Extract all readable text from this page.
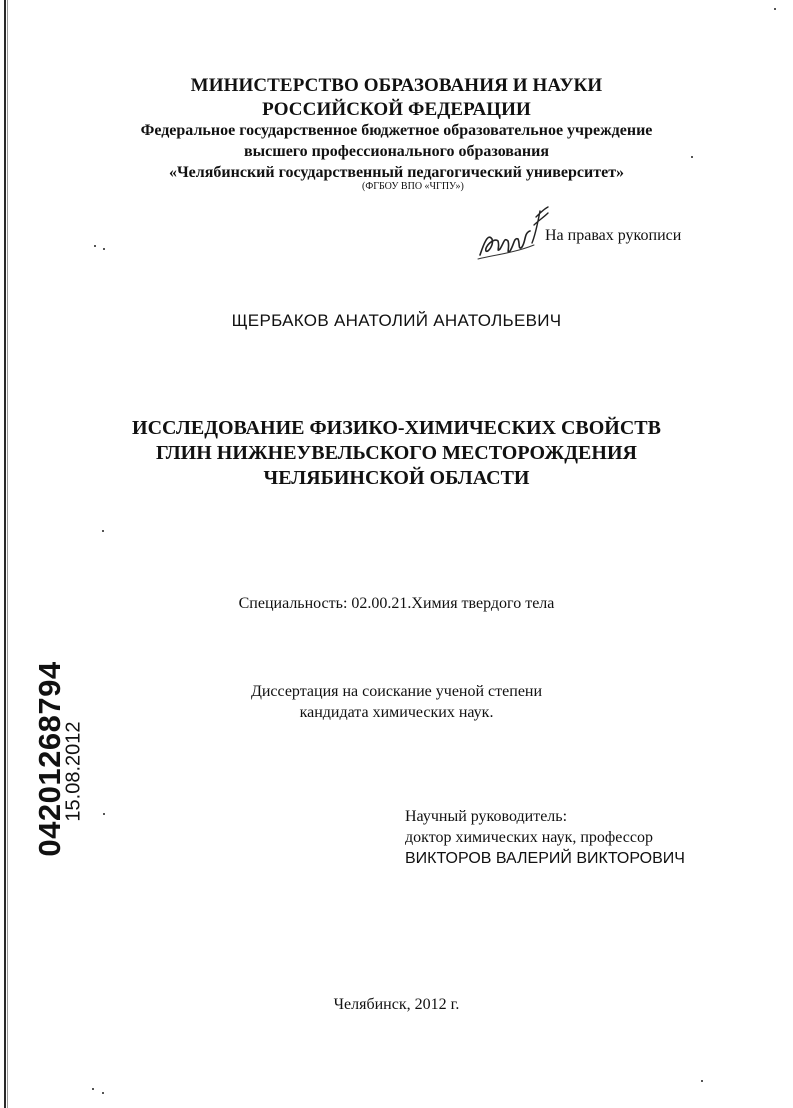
МИНИСТЕРСТВО ОБРАЗОВАНИЯ И НАУКИ
РОССИЙСКОЙ ФЕДЕРАЦИИ
Федеральное государственное бюджетное образовательное учреждение
высшего профессионального образования
«Челябинский государственный педагогический университет»
(ФГБОУ ВПО «ЧГПУ»)
На правах рукописи
ЩЕРБАКОВ АНАТОЛИЙ АНАТОЛЬЕВИЧ
ИССЛЕДОВАНИЕ ФИЗИКО-ХИМИЧЕСКИХ СВОЙСТВ
ГЛИН НИЖНЕУВЕЛЬСКОГО МЕСТОРОЖДЕНИЯ
ЧЕЛЯБИНСКОЙ ОБЛАСТИ
Специальность: 02.00.21.Химия твердого тела
Диссертация на соискание ученой степени
кандидата химических наук.
Научный руководитель:
доктор химических наук, профессор
ВИКТОРОВ ВАЛЕРИЙ ВИКТОРОВИЧ
Челябинск, 2012 г.
04201268794
15.08.2012
